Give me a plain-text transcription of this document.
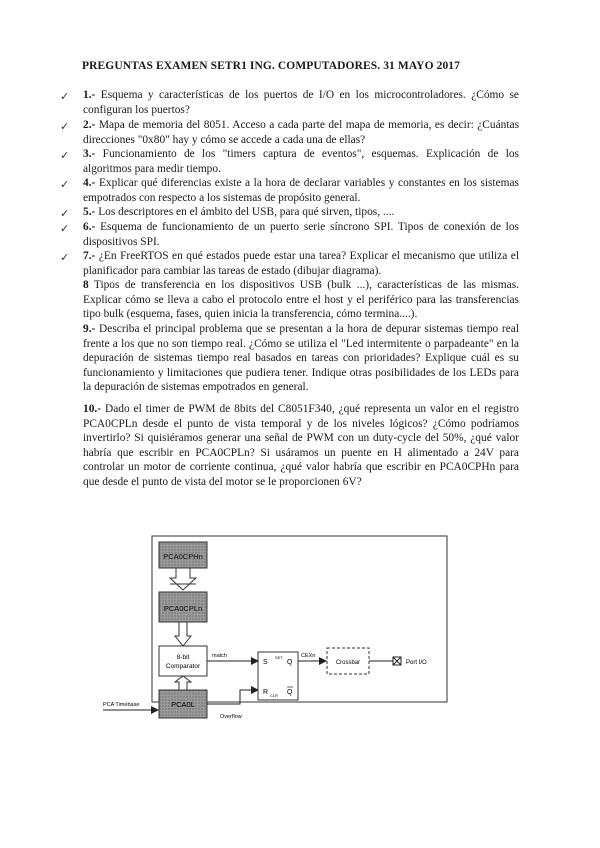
PREGUNTAS EXAMEN SETR1 ING. COMPUTADORES. 31 MAYO 2017
✓ 1.- Esquema y características de los puertos de I/O en los microcontroladores. ¿Cómo se configuran los puertos?
✓ 2.- Mapa de memoria del 8051. Acceso a cada parte del mapa de memoria, es decir: ¿Cuántas direcciones "0x80" hay y cómo se accede a cada una de ellas?
✓ 3.- Funcionamiento de los "timers captura de eventos", esquemas. Explicación de los algoritmos para medir tiempo.
✓ 4.- Explicar qué diferencias existe a la hora de declarar variables y constantes en los sistemas empotrados con respecto a los sistemas de propósito general.
✓ 5.- Los descriptores en el ámbito del USB, para qué sirven, tipos, ....
✓ 6.- Esquema de funcionamiento de un puerto serie síncrono SPI. Tipos de conexión de los dispositivos SPI.
✓ 7.- ¿En FreeRTOS en qué estados puede estar una tarea? Explicar el mecanismo que utiliza el planificador para cambiar las tareas de estado (dibujar diagrama).
8 Tipos de transferencia en los dispositivos USB (bulk ...), características de las mismas. Explicar cómo se lleva a cabo el protocolo entre el host y el periférico para las transferencias tipo bulk (esquema, fases, quien inicia la transferencia, cómo termina....).
9.- Describa el principal problema que se presentan a la hora de depurar sistemas tiempo real frente a los que no son tiempo real. ¿Cómo se utiliza el "Led intermitente o parpadeante" en la depuración de sistemas tiempo real basados en tareas con prioridades? Explique cuál es su funcionamiento y limitaciones que pudiera tener. Indique otras posibilidades de los LEDs para la depuración de sistemas empotrados en general.
10.- Dado el timer de PWM de 8bits del C8051F340, ¿qué representa un valor en el registro PCA0CPLn desde el punto de vista temporal y de los niveles lógicos? ¿Cómo podríamos invertirlo? Si quisiéramos generar una señal de PWM con un duty-cycle del 50%, ¿qué valor habría que escribir en PCA0CPLn? Si usáramos un puente en H alimentado a 24V para controlar un motor de corriente continua, ¿qué valor habría que escribir en PCA0CPHn para que desde el punto de vista del motor se le proporcionen 6V?
PCA0CPHn
PCA0CPLn
8-bit
Comparator
PCA0L
PCA Timebase
match
Overflow
S
SET
R CLR
Q
Q
CEXn
Crossbar	Port I/O
